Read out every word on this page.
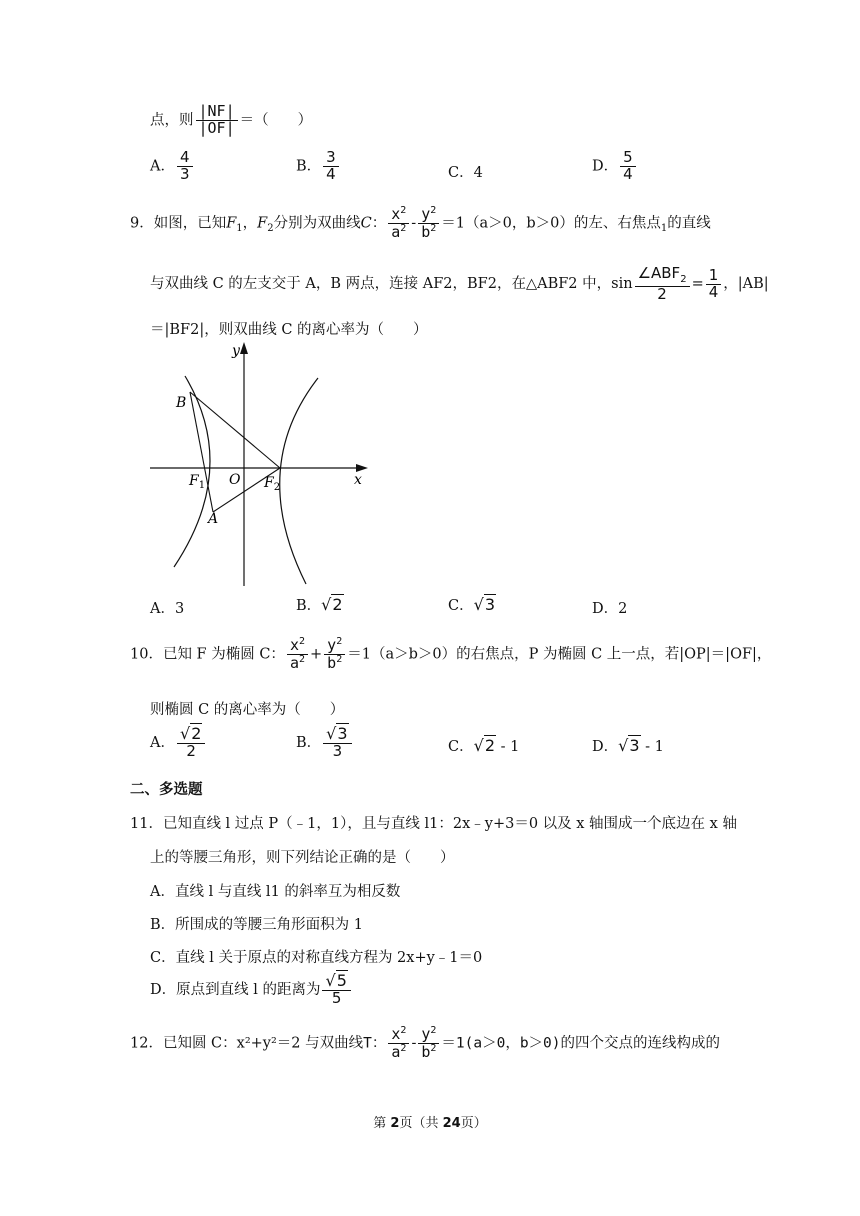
点，则 $\frac{|NF|}{|OF|}$ ＝（　　）
A． $\frac{4}{3}$	B． $\frac{3}{4}$	C．4	D． $\frac{5}{4}$
9．如图，已知$F_1$，$F_2$分别为双曲线C： $\frac{x^2}{a^2} - \frac{y^2}{b^2} =1(a>0$，b＞0）的左、右焦点$_1$的直线
与双曲线 C 的左支交于 A，B 两点，连接 AF2，BF2，在△ABF2 中，$\sin \frac{\angle ABF_2}{2} = \frac{1}{4}$ ，|AB|
＝|BF2|，则双曲线 C 的离心率为（　　）
y
x
B
A
$F_1$ O $F_2$
A．3	B．√2	C．√3	D．2
10．已知 F 为椭圆 C： $\frac{x^2}{a^2} + \frac{y^2}{b^2} =1(a>b>0)$的右焦点，P 为椭圆 C 上一点，若|OP|＝|OF|，
则椭圆 C 的离心率为（　　）
A． $\frac{√2}{2}$	B． $\frac{√3}{3}$	C．√2 - 1	D．√3 - 1
二、多选题
11．已知直线 l 过点 P（﹣1，1），且与直线 l1：2x﹣y+3＝0 以及 x 轴围成一个底边在 x 轴
上的等腰三角形，则下列结论正确的是（　　）
A．直线 l 与直线 l1 的斜率互为相反数
B．所围成的等腰三角形面积为 1
C．直线 l 关于原点的对称直线方程为 2x+y﹣1＝0
D．原点到直线 l 的距离为 $\frac{√5}{5}$
12．已知圆 C：x²+y²＝2 与双曲线T： $\frac{x^2}{a^2} - \frac{y^2}{b^2} =1(a>0$，b＞0)的四个交点的连线构成的
第 2页（共 24页）
